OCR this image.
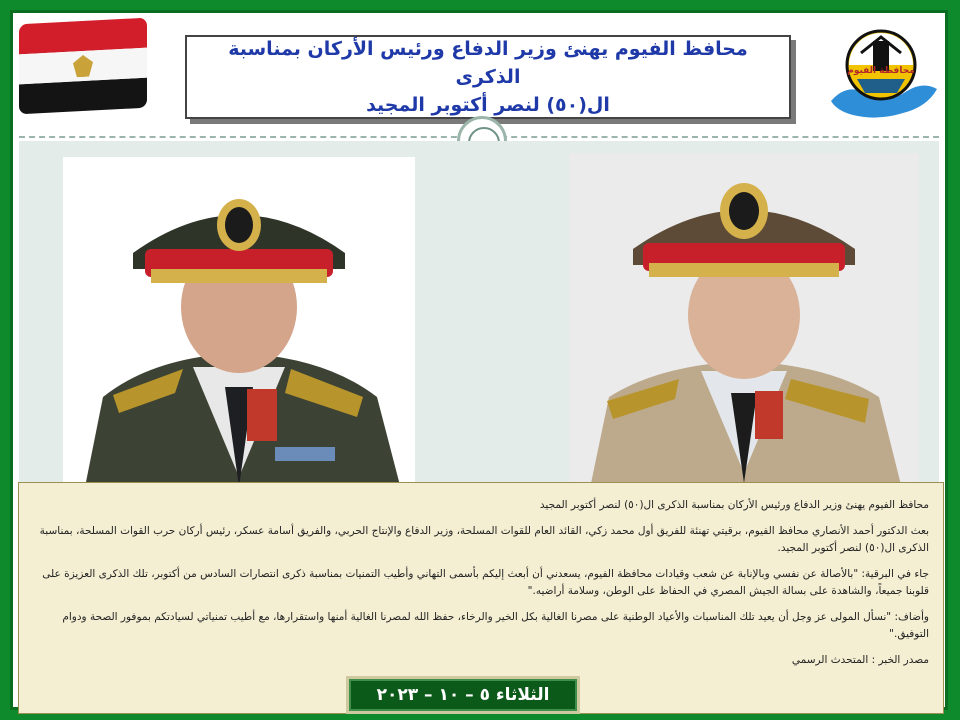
محافظ الفيوم يهنئ وزير الدفاع ورئيس الأركان بمناسبة الذكرى
ال(٥٠) لنصر أكتوبر المجيد
محافظة الفيوم

محافظ الفيوم يهنئ وزير الدفاع ورئيس الأركان بمناسبة الذكرى ال(٥٠) لنصر أكتوبر المجيد

بعث الدكتور أحمد الأنصاري محافظ الفيوم، برقيتي تهنئة للفريق أول محمد زكي، القائد العام للقوات المسلحة، وزير الدفاع والإنتاج الحربي، والفريق أسامة عسكر، رئيس أركان حرب القوات المسلحة، بمناسبة الذكرى ال(٥٠) لنصر أكتوبر المجيد.

جاء في البرقية: "بالأصالة عن نفسي وبالإنابة عن شعب وقيادات محافظة الفيوم، يسعدني أن أبعث إليكم بأسمى التهاني وأطيب التمنيات بمناسبة ذكرى انتصارات السادس من أكتوبر، تلك الذكرى العزيزة على قلوبنا جميعاً، والشاهدة على بسالة الجيش المصري في الحفاظ على الوطن، وسلامة أراضيه."

وأضاف: "نسأل المولى عز وجل أن يعيد تلك المناسبات والأعياد الوطنية على مصرنا الغالية بكل الخير والرخاء، حفظ الله لمصرنا الغالية أمنها واستقرارها، مع أطيب تمنياتي لسيادتكم بموفور الصحة ودوام التوفيق."

مصدر الخبر : المتحدث الرسمي

الثلاثاء ٥ – ١٠ – ٢٠٢٣
